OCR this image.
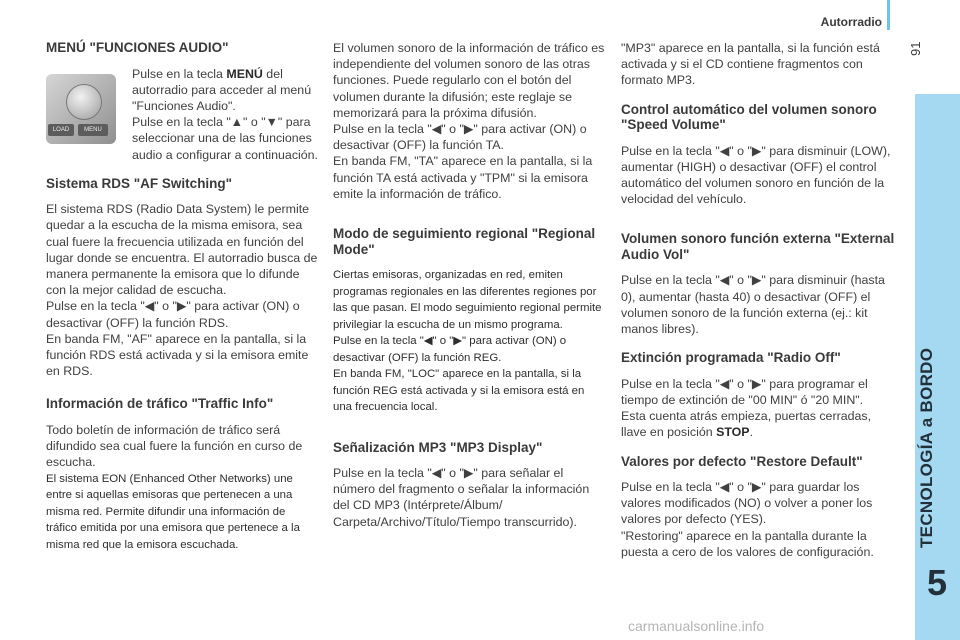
Autorradio
91
TECNOLOGÍA a BORDO
5
MENÚ "FUNCIONES AUDIO"
LOAD	MENU

Pulse en la tecla MENÚ del autorradio para acceder al menú "Funciones Audio".

Pulse en la tecla "▲" o "▼" para seleccionar una de las funciones audio a configurar a continuación.

Sistema RDS "AF Switching"

El sistema RDS (Radio Data System) le permite quedar a la escucha de la misma emisora, sea cual fuere la frecuencia utilizada en función del lugar donde se encuentra. El autorradio busca de manera permanente la emisora que lo difunde con la mejor calidad de escucha.

Pulse en la tecla "◀" o "▶" para activar (ON) o desactivar (OFF) la función RDS.

En banda FM, "AF" aparece en la pantalla, si la función RDS está activada y si la emisora emite en RDS.

Información de tráfico "Traffic Info"

Todo boletín de información de tráfico será difundido sea cual fuere la función en curso de escucha.

El sistema EON (Enhanced Other Networks) une entre si aquellas emisoras que pertenecen a una misma red. Permite difundir una información de tráfico emitida por una emisora que pertenece a la misma red que la emisora escuchada.

El volumen sonoro de la información de tráfico es independiente del volumen sonoro de las otras funciones. Puede regularlo con el botón del volumen durante la difusión; este reglaje se memorizará para la próxima difusión.

Pulse en la tecla "◀" o "▶" para activar (ON) o desactivar (OFF) la función TA.

En banda FM, "TA" aparece en la pantalla, si la función TA está activada y "TPM" si la emisora emite la información de tráfico.

Modo de seguimiento regional "Regional Mode"

Ciertas emisoras, organizadas en red, emiten programas regionales en las diferentes regiones por las que pasan. El modo seguimiento regional permite privilegiar la escucha de un mismo programa.

Pulse en la tecla "◀" o "▶" para activar (ON) o desactivar (OFF) la función REG.

En banda FM, "LOC" aparece en la pantalla, si la función REG está activada y si la emisora está en una frecuencia local.

Señalización MP3 "MP3 Display"

Pulse en la tecla "◀" o "▶" para señalar el número del fragmento o señalar la información del CD MP3 (Intérprete/Álbum/ Carpeta/Archivo/Título/Tiempo transcurrido).

"MP3" aparece en la pantalla, si la función está activada y si el CD contiene fragmentos con formato MP3.

Control automático del volumen sonoro "Speed Volume"

Pulse en la tecla "◀" o "▶" para disminuir (LOW), aumentar (HIGH) o desactivar (OFF) el control automático del volumen sonoro en función de la velocidad del vehículo.

Volumen sonoro función externa "External Audio Vol"

Pulse en la tecla "◀" o "▶" para disminuir (hasta 0), aumentar (hasta 40) o desactivar (OFF) el volumen sonoro de la función externa (ej.: kit manos libres).

Extinción programada "Radio Off"

Pulse en la tecla "◀" o "▶" para programar el tiempo de extinción de "00 MIN" ó "20 MIN".

Esta cuenta atrás empieza, puertas cerradas, llave en posición STOP.

Valores por defecto "Restore Default"

Pulse en la tecla "◀" o "▶" para guardar los valores modificados (NO) o volver a poner los valores por defecto (YES).

"Restoring" aparece en la pantalla durante la puesta a cero de los valores de configuración.

carmanualsonline.info
